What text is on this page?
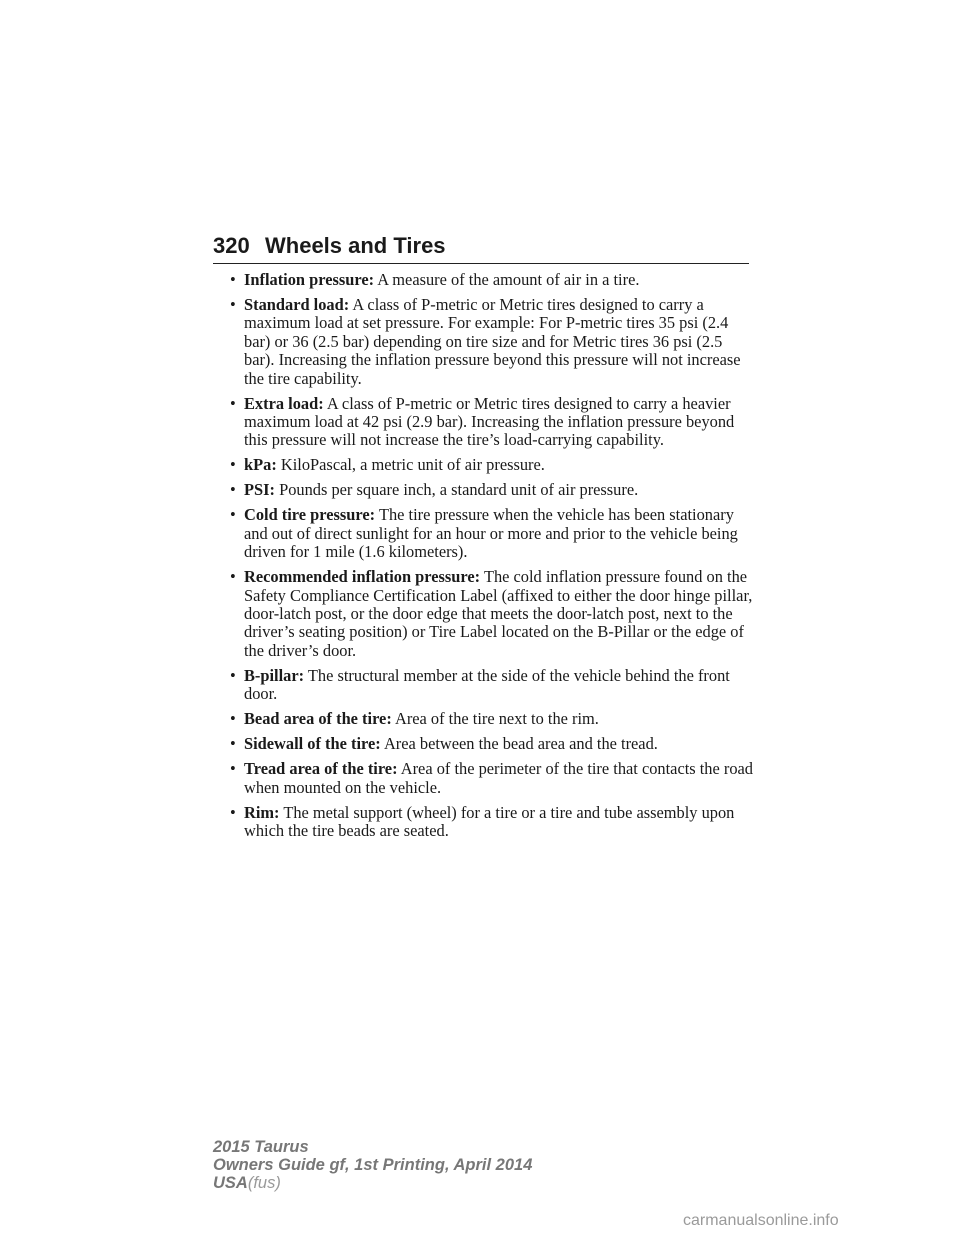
320 Wheels and Tires
• Inflation pressure: A measure of the amount of air in a tire.
• Standard load: A class of P-metric or Metric tires designed to carry a maximum load at set pressure. For example: For P-metric tires 35 psi (2.4 bar) or 36 (2.5 bar) depending on tire size and for Metric tires 36 psi (2.5 bar). Increasing the inflation pressure beyond this pressure will not increase the tire capability.
• Extra load: A class of P-metric or Metric tires designed to carry a heavier maximum load at 42 psi (2.9 bar). Increasing the inflation pressure beyond this pressure will not increase the tire’s load-carrying capability.
• kPa: KiloPascal, a metric unit of air pressure.
• PSI: Pounds per square inch, a standard unit of air pressure.
• Cold tire pressure: The tire pressure when the vehicle has been stationary and out of direct sunlight for an hour or more and prior to the vehicle being driven for 1 mile (1.6 kilometers).
• Recommended inflation pressure: The cold inflation pressure found on the Safety Compliance Certification Label (affixed to either the door hinge pillar, door-latch post, or the door edge that meets the door-latch post, next to the driver’s seating position) or Tire Label located on the B-Pillar or the edge of the driver’s door.
• B-pillar: The structural member at the side of the vehicle behind the front door.
• Bead area of the tire: Area of the tire next to the rim.
• Sidewall of the tire: Area between the bead area and the tread.
• Tread area of the tire: Area of the perimeter of the tire that contacts the road when mounted on the vehicle.
• Rim: The metal support (wheel) for a tire or a tire and tube assembly upon which the tire beads are seated.
2015 Taurus
Owners Guide gf, 1st Printing, April 2014
USA(fus)
carmanualsonline.info
